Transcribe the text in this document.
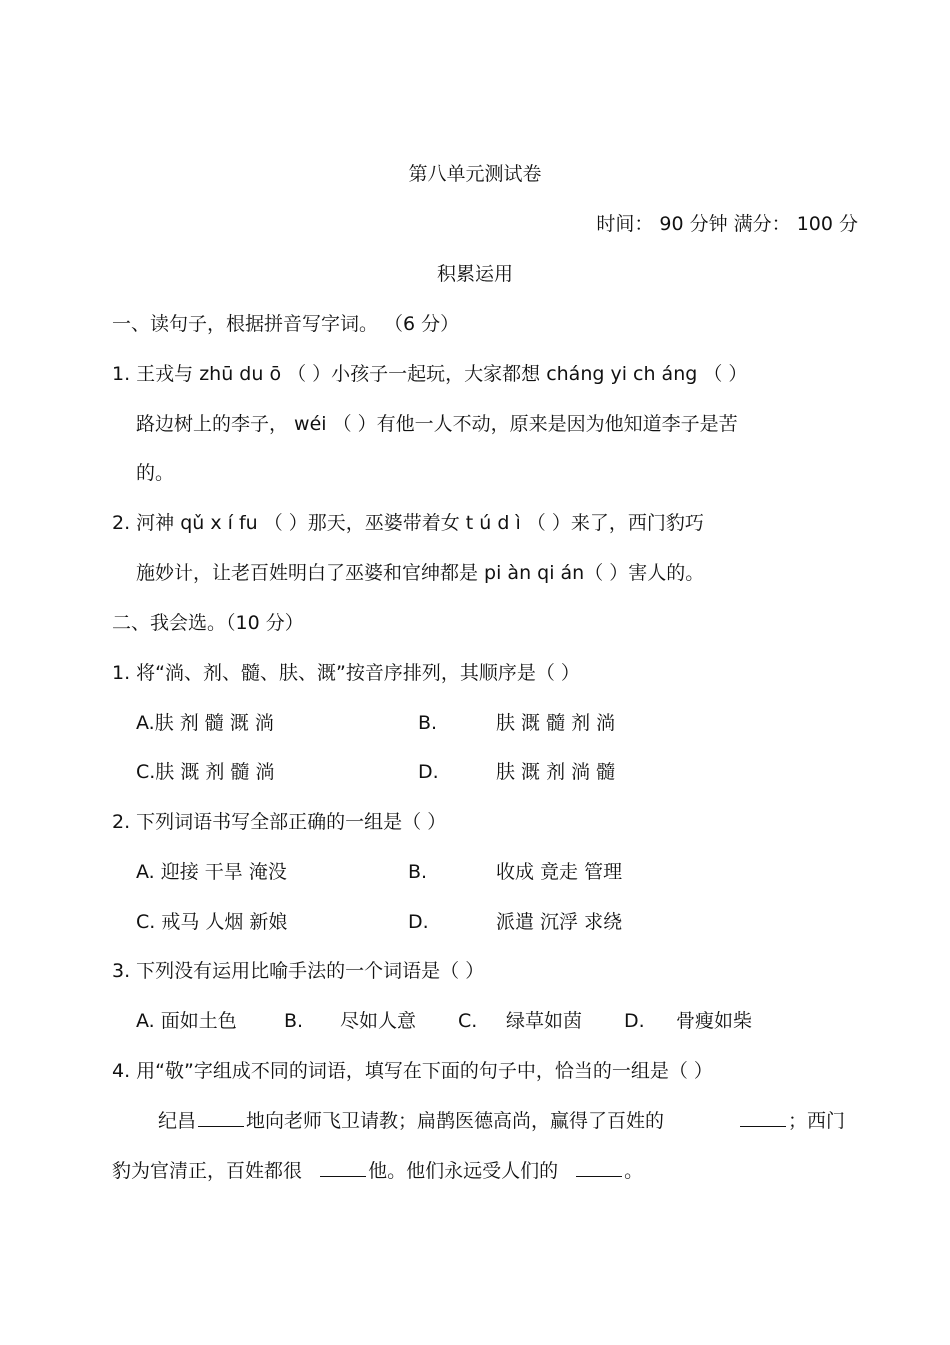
第八单元测试卷
时间： 90 分钟 满分： 100 分
积累运用
一、读句子，根据拼音写字词。 （6 分）
1. 王戎与 zhū du ō （ ）小孩子一起玩，大家都想 cháng yi ch áng （ ）
路边树上的李子， wéi （ ）有他一人不动，原来是因为他知道李子是苦
的。
2. 河神 qǔ x í fu （ ）那天，巫婆带着女 t ú d ì （ ）来了，西门豹巧
施妙计，让老百姓明白了巫婆和官绅都是 pi àn qi án（ ）害人的。
二、我会选。（10 分）
1. 将“淌、剂、髓、肤、溉”按音序排列，其顺序是（ ）
A.肤 剂 髓 溉 淌	B.	肤 溉 髓 剂 淌
C.肤 溉 剂 髓 淌	D.	肤 溉 剂 淌 髓
2. 下列词语书写全部正确的一组是（ ）
A. 迎接 干旱 淹没	B.	收成 竟走 管理
C. 戒马 人烟 新娘	D.	派遣 沉浮 求绕
3. 下列没有运用比喻手法的一个词语是（ ）
A. 面如土色 B. 尽如人意 C. 绿草如茵 D. 骨瘦如柴
4. 用“敬”字组成不同的词语，填写在下面的句子中，恰当的一组是（ ）
纪昌	地向老师飞卫请教；扁鹊医德高尚，赢得了百姓的	；西门
豹为官清正，百姓都很	他。他们永远受人们的	。
